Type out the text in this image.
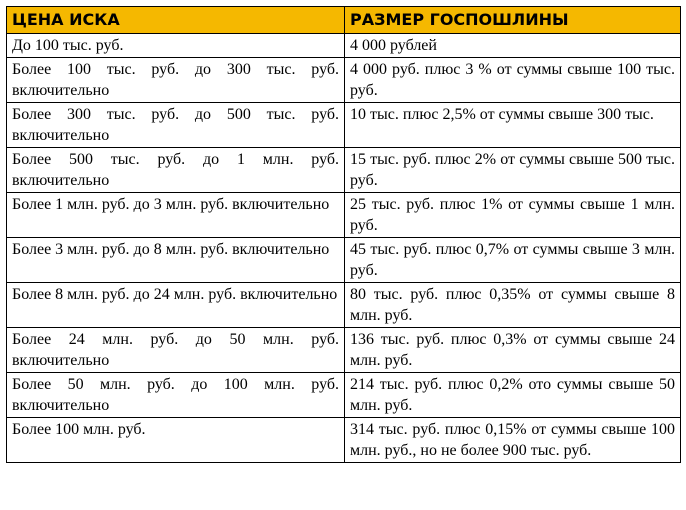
ЦЕНА ИСКА	РАЗМЕР ГОСПОШЛИНЫ
До 100 тыс. руб.	4 000 рублей
Более 100 тыс. руб. до 300 тыс. руб. включительно	4 000 руб. плюс 3 % от суммы свыше 100 тыс. руб.
Более 300 тыс. руб. до 500 тыс. руб. включительно	10 тыс. плюс 2,5% от суммы свыше 300 тыс.
Более 500 тыс. руб. до 1 млн. руб. включительно	15 тыс. руб. плюс 2% от суммы свыше 500 тыс. руб.
Более 1 млн. руб. до 3 млн. руб. включительно	25 тыс. руб. плюс 1% от суммы свыше 1 млн. руб.
Более 3 млн. руб. до 8 млн. руб. включительно	45 тыс. руб. плюс 0,7% от суммы свыше 3 млн. руб.
Более 8 млн. руб. до 24 млн. руб. включительно	80 тыс. руб. плюс 0,35% от суммы свыше 8 млн. руб.
Более 24 млн. руб. до 50 млн. руб. включительно	136 тыс. руб. плюс 0,3% от суммы свыше 24 млн. руб.
Более 50 млн. руб. до 100 млн. руб. включительно	214 тыс. руб. плюс 0,2% ото суммы свыше 50 млн. руб.
Более 100 млн. руб.	314 тыс. руб. плюс 0,15% от суммы свыше 100 млн. руб., но не более 900 тыс. руб.
